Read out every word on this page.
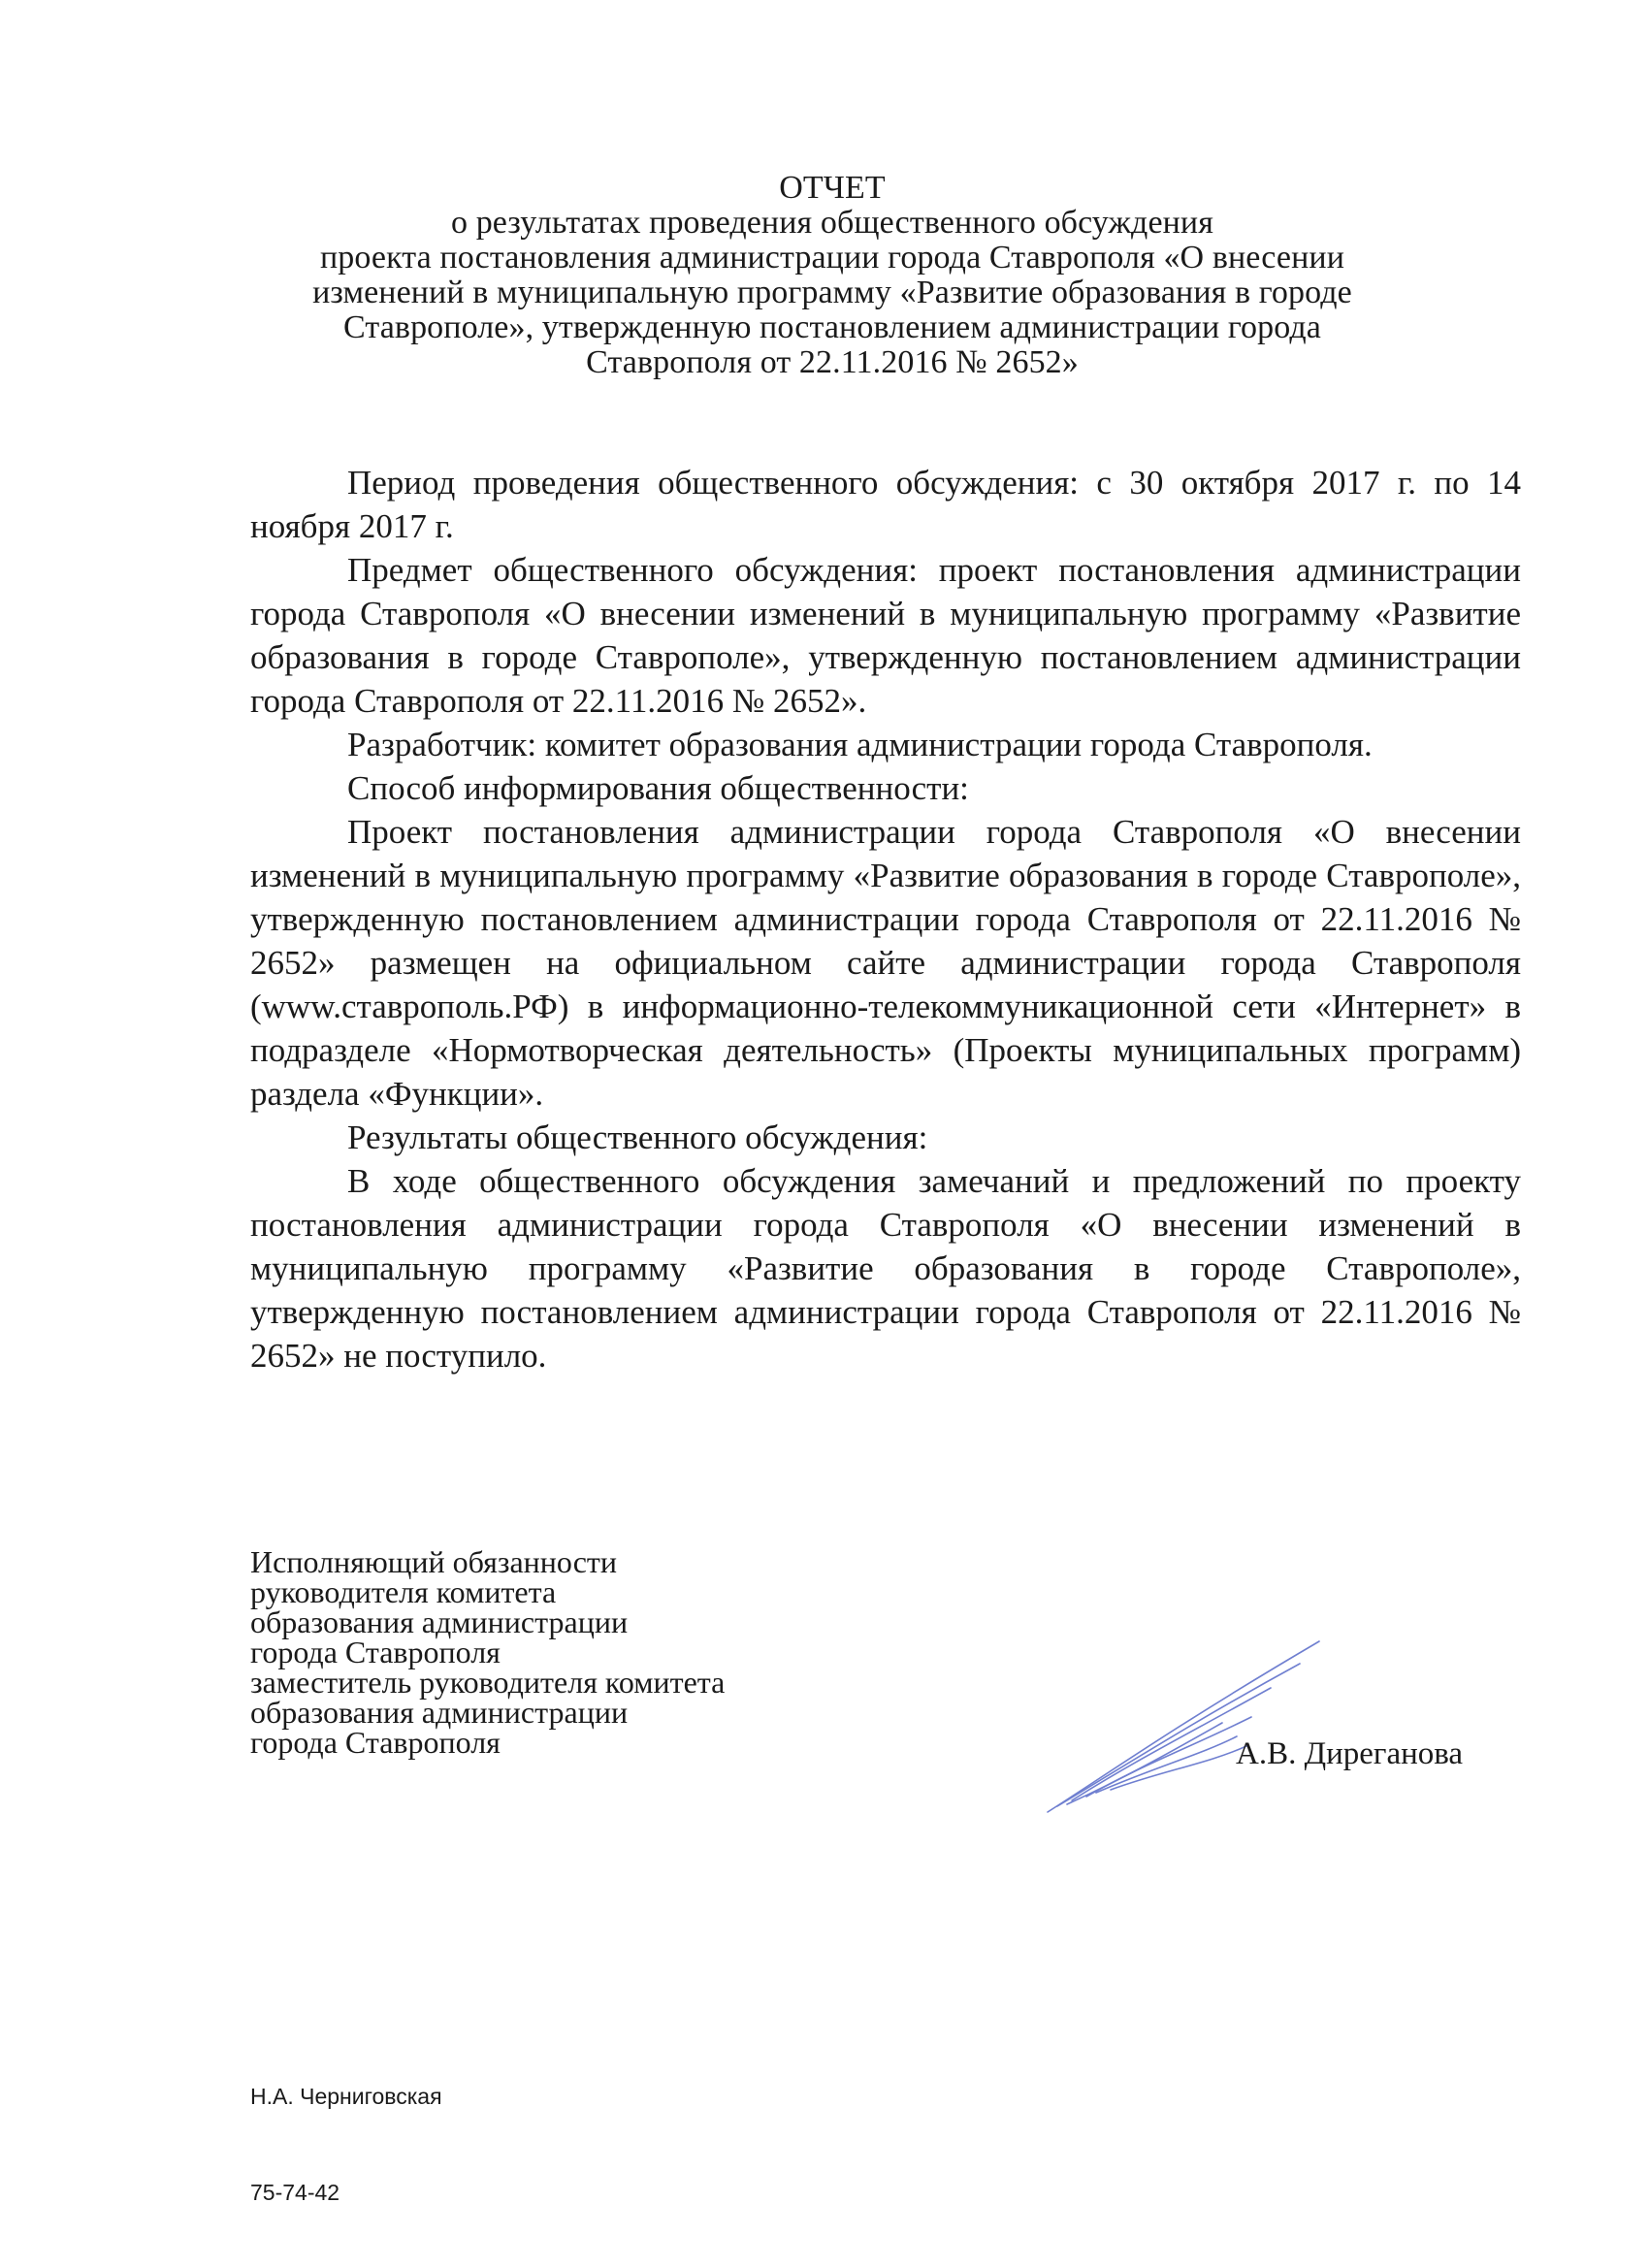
ОТЧЕТ
о результатах проведения общественного обсуждения
проекта постановления администрации города Ставрополя «О внесении
изменений в муниципальную программу «Развитие образования в городе
Ставрополе», утвержденную постановлением администрации города
Ставрополя от 22.11.2016 № 2652»

Период проведения общественного обсуждения: с 30 октября 2017 г. по 14 ноября 2017 г.

Предмет общественного обсуждения: проект постановления администрации города Ставрополя «О внесении изменений в муниципальную программу «Развитие образования в городе Ставрополе», утвержденную постановлением администрации города Ставрополя от 22.11.2016 № 2652».

Разработчик: комитет образования администрации города Ставрополя.

Способ информирования общественности:

Проект постановления администрации города Ставрополя «О внесении изменений в муниципальную программу «Развитие образования в городе Ставрополе», утвержденную постановлением администрации города Ставрополя от 22.11.2016 № 2652» размещен на официальном сайте администрации города Ставрополя (www.ставрополь.РФ) в информационно-телекоммуникационной сети «Интернет» в подразделе «Нормотворческая деятельность» (Проекты муниципальных программ) раздела «Функции».

Результаты общественного обсуждения:

В ходе общественного обсуждения замечаний и предложений по проекту постановления администрации города Ставрополя «О внесении изменений в муниципальную программу «Развитие образования в городе Ставрополе», утвержденную постановлением администрации города Ставрополя от 22.11.2016 № 2652» не поступило.

Исполняющий обязанности
руководителя комитета
образования администрации
города Ставрополя
заместитель руководителя комитета
образования администрации
города Ставрополя	А.В. Диреганова

Н.А. Черниговская

75-74-42
